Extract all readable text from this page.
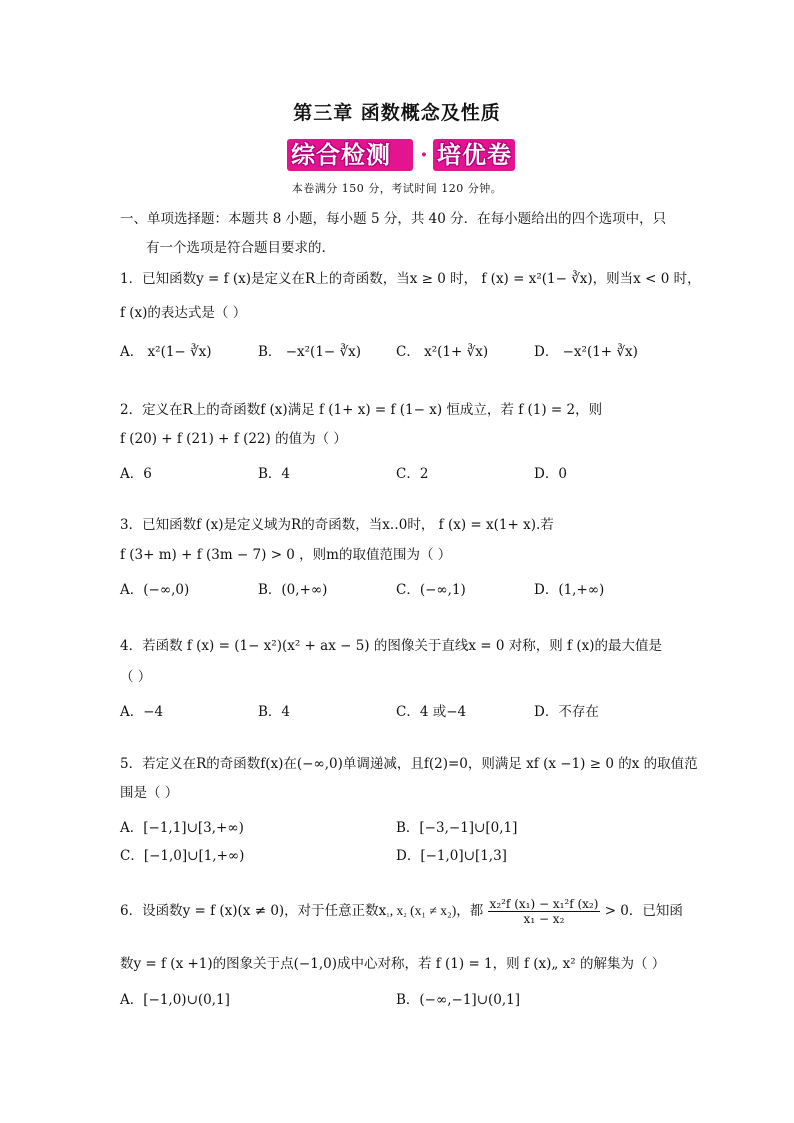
第三章 函数概念及性质
综合检测 · 培优卷
本卷满分 150 分，考试时间 120 分钟。
一、单项选择题：本题共 8 小题，每小题 5 分，共 40 分．在每小题给出的四个选项中，只
有一个选项是符合题目要求的.
1．已知函数y = f (x)是定义在R上的奇函数，当x ≥ 0 时， f (x) = x²(1− ∛x)，则当x < 0 时，
f (x)的表达式是（ ）
A． x²(1− ∛x)	B． −x²(1− ∛x)	C． x²(1+ ∛x)	D． −x²(1+ ∛x)
2．定义在R上的奇函数f (x)满足 f (1+ x) = f (1− x) 恒成立，若 f (1) = 2，则
f (20) + f (21) + f (22) 的值为（ ）
A．6	B．4	C．2	D．0
3．已知函数f (x)是定义域为R的奇函数，当x‥0时， f (x) = x(1+ x).若
f (3+ m) + f (3m − 7) > 0 ，则m的取值范围为（ ）
A．(−∞,0)	B．(0,+∞)	C．(−∞,1)	D．(1,+∞)
4．若函数 f (x) = (1− x²)(x² + ax − 5) 的图像关于直线x = 0 对称，则 f (x)的最大值是
（ ）
A．−4	B．4	C．4 或−4	D．不存在
5．若定义在R的奇函数f(x)在(−∞,0)单调递减，且f(2)=0，则满足 xf (x −1) ≥ 0 的x 的取值范
围是（ ）
A．[−1,1]∪[3,+∞)	B．[−3,−1]∪[0,1]
C．[−1,0]∪[1,+∞)	D．[−1,0]∪[1,3]
6．设函数y = f (x)(x ≠ 0)，对于任意正数x₁, x₂ (x₁ ≠ x₂)，都 $\frac{\text{x₂²f (x₁) − x₁²f (x₂)}}{\text{x₁ − x₂}} > 0$．已知函
数y = f (x +1)的图象关于点(−1,0)成中心对称，若 f (1) = 1，则 f (x)„ x² 的解集为（ ）
A．[−1,0)∪(0,1]	B．(−∞,−1]∪(0,1]
